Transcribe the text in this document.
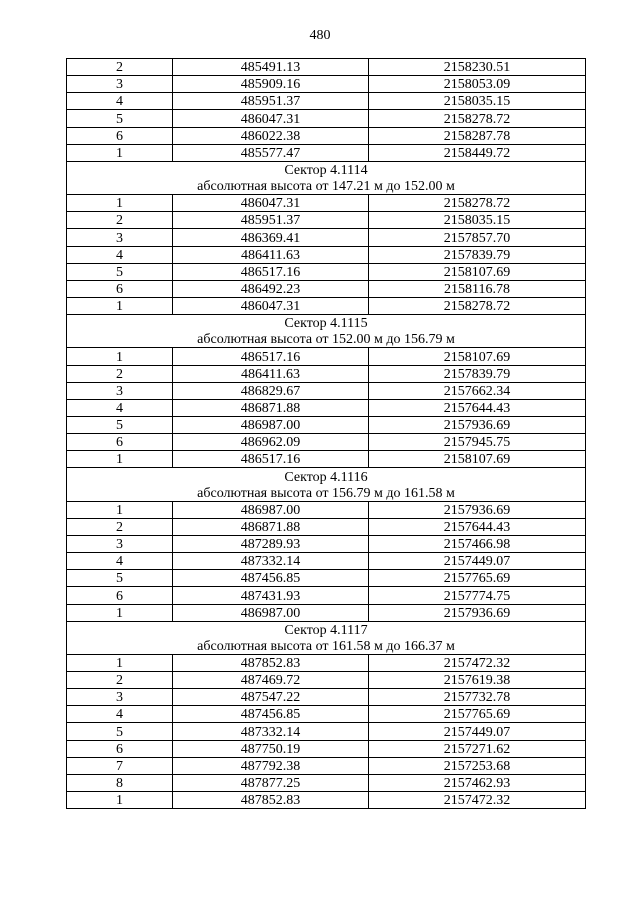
480
2	485491.13	2158230.51
3	485909.16	2158053.09
4	485951.37	2158035.15
5	486047.31	2158278.72
6	486022.38	2158287.78
1	485577.47	2158449.72
Сектор 4.1114		
абсолютная высота от 147.21 м до 152.00 м		
1	486047.31	2158278.72
2	485951.37	2158035.15
3	486369.41	2157857.70
4	486411.63	2157839.79
5	486517.16	2158107.69
6	486492.23	2158116.78
1	486047.31	2158278.72
Сектор 4.1115		
абсолютная высота от 152.00 м до 156.79 м		
1	486517.16	2158107.69
2	486411.63	2157839.79
3	486829.67	2157662.34
4	486871.88	2157644.43
5	486987.00	2157936.69
6	486962.09	2157945.75
1	486517.16	2158107.69
Сектор 4.1116		
абсолютная высота от 156.79 м до 161.58 м		
1	486987.00	2157936.69
2	486871.88	2157644.43
3	487289.93	2157466.98
4	487332.14	2157449.07
5	487456.85	2157765.69
6	487431.93	2157774.75
1	486987.00	2157936.69
Сектор 4.1117		
абсолютная высота от 161.58 м до 166.37 м		
1	487852.83	2157472.32
2	487469.72	2157619.38
3	487547.22	2157732.78
4	487456.85	2157765.69
5	487332.14	2157449.07
6	487750.19	2157271.62
7	487792.38	2157253.68
8	487877.25	2157462.93
1	487852.83	2157472.32
